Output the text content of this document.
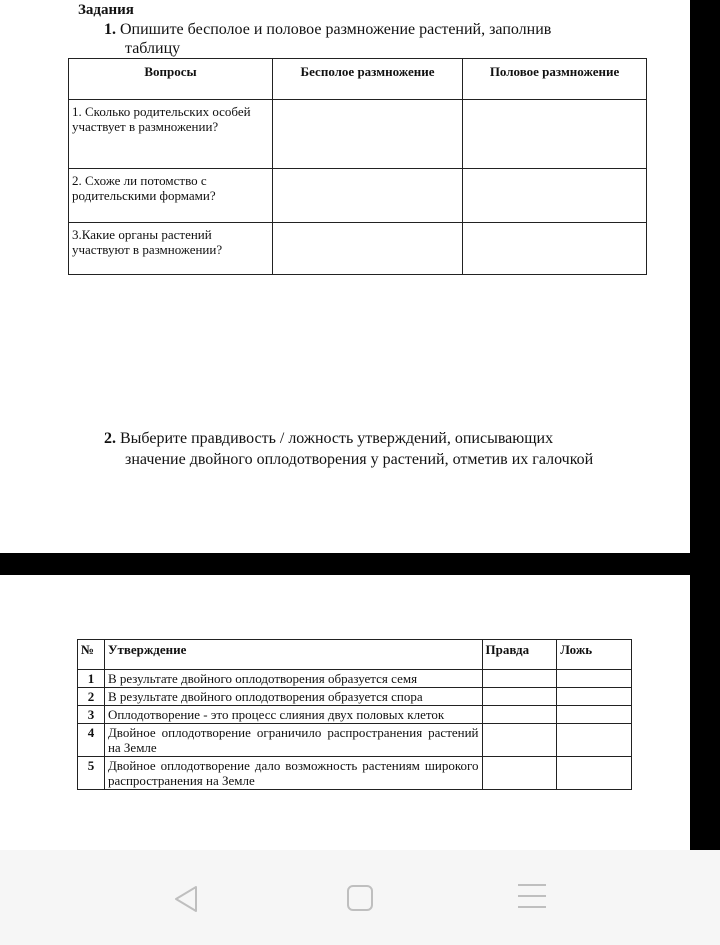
Задания
1. Опишите бесполое и половое размножение растений, заполнив
таблицу
Вопросы	Бесполое размножение	Половое размножение
1. Сколько родительских особей участвует в размножении?		
2. Схоже ли потомство с родительскими формами?		
3.Какие органы растений участвуют в размножении?		
2. Выберите правдивость / ложность утверждений, описывающих
значение двойного оплодотворения у растений, отметив их галочкой
№	Утверждение	Правда	Ложь
1	В результате двойного оплодотворения образуется семя		
2	В результате двойного оплодотворения образуется спора		
3	Оплодотворение - это процесс слияния двух половых клеток		
4	Двойное оплодотворение ограничило распространения растений на Земле		
5	Двойное оплодотворение дало возможность растениям широкого распространения на Земле		
